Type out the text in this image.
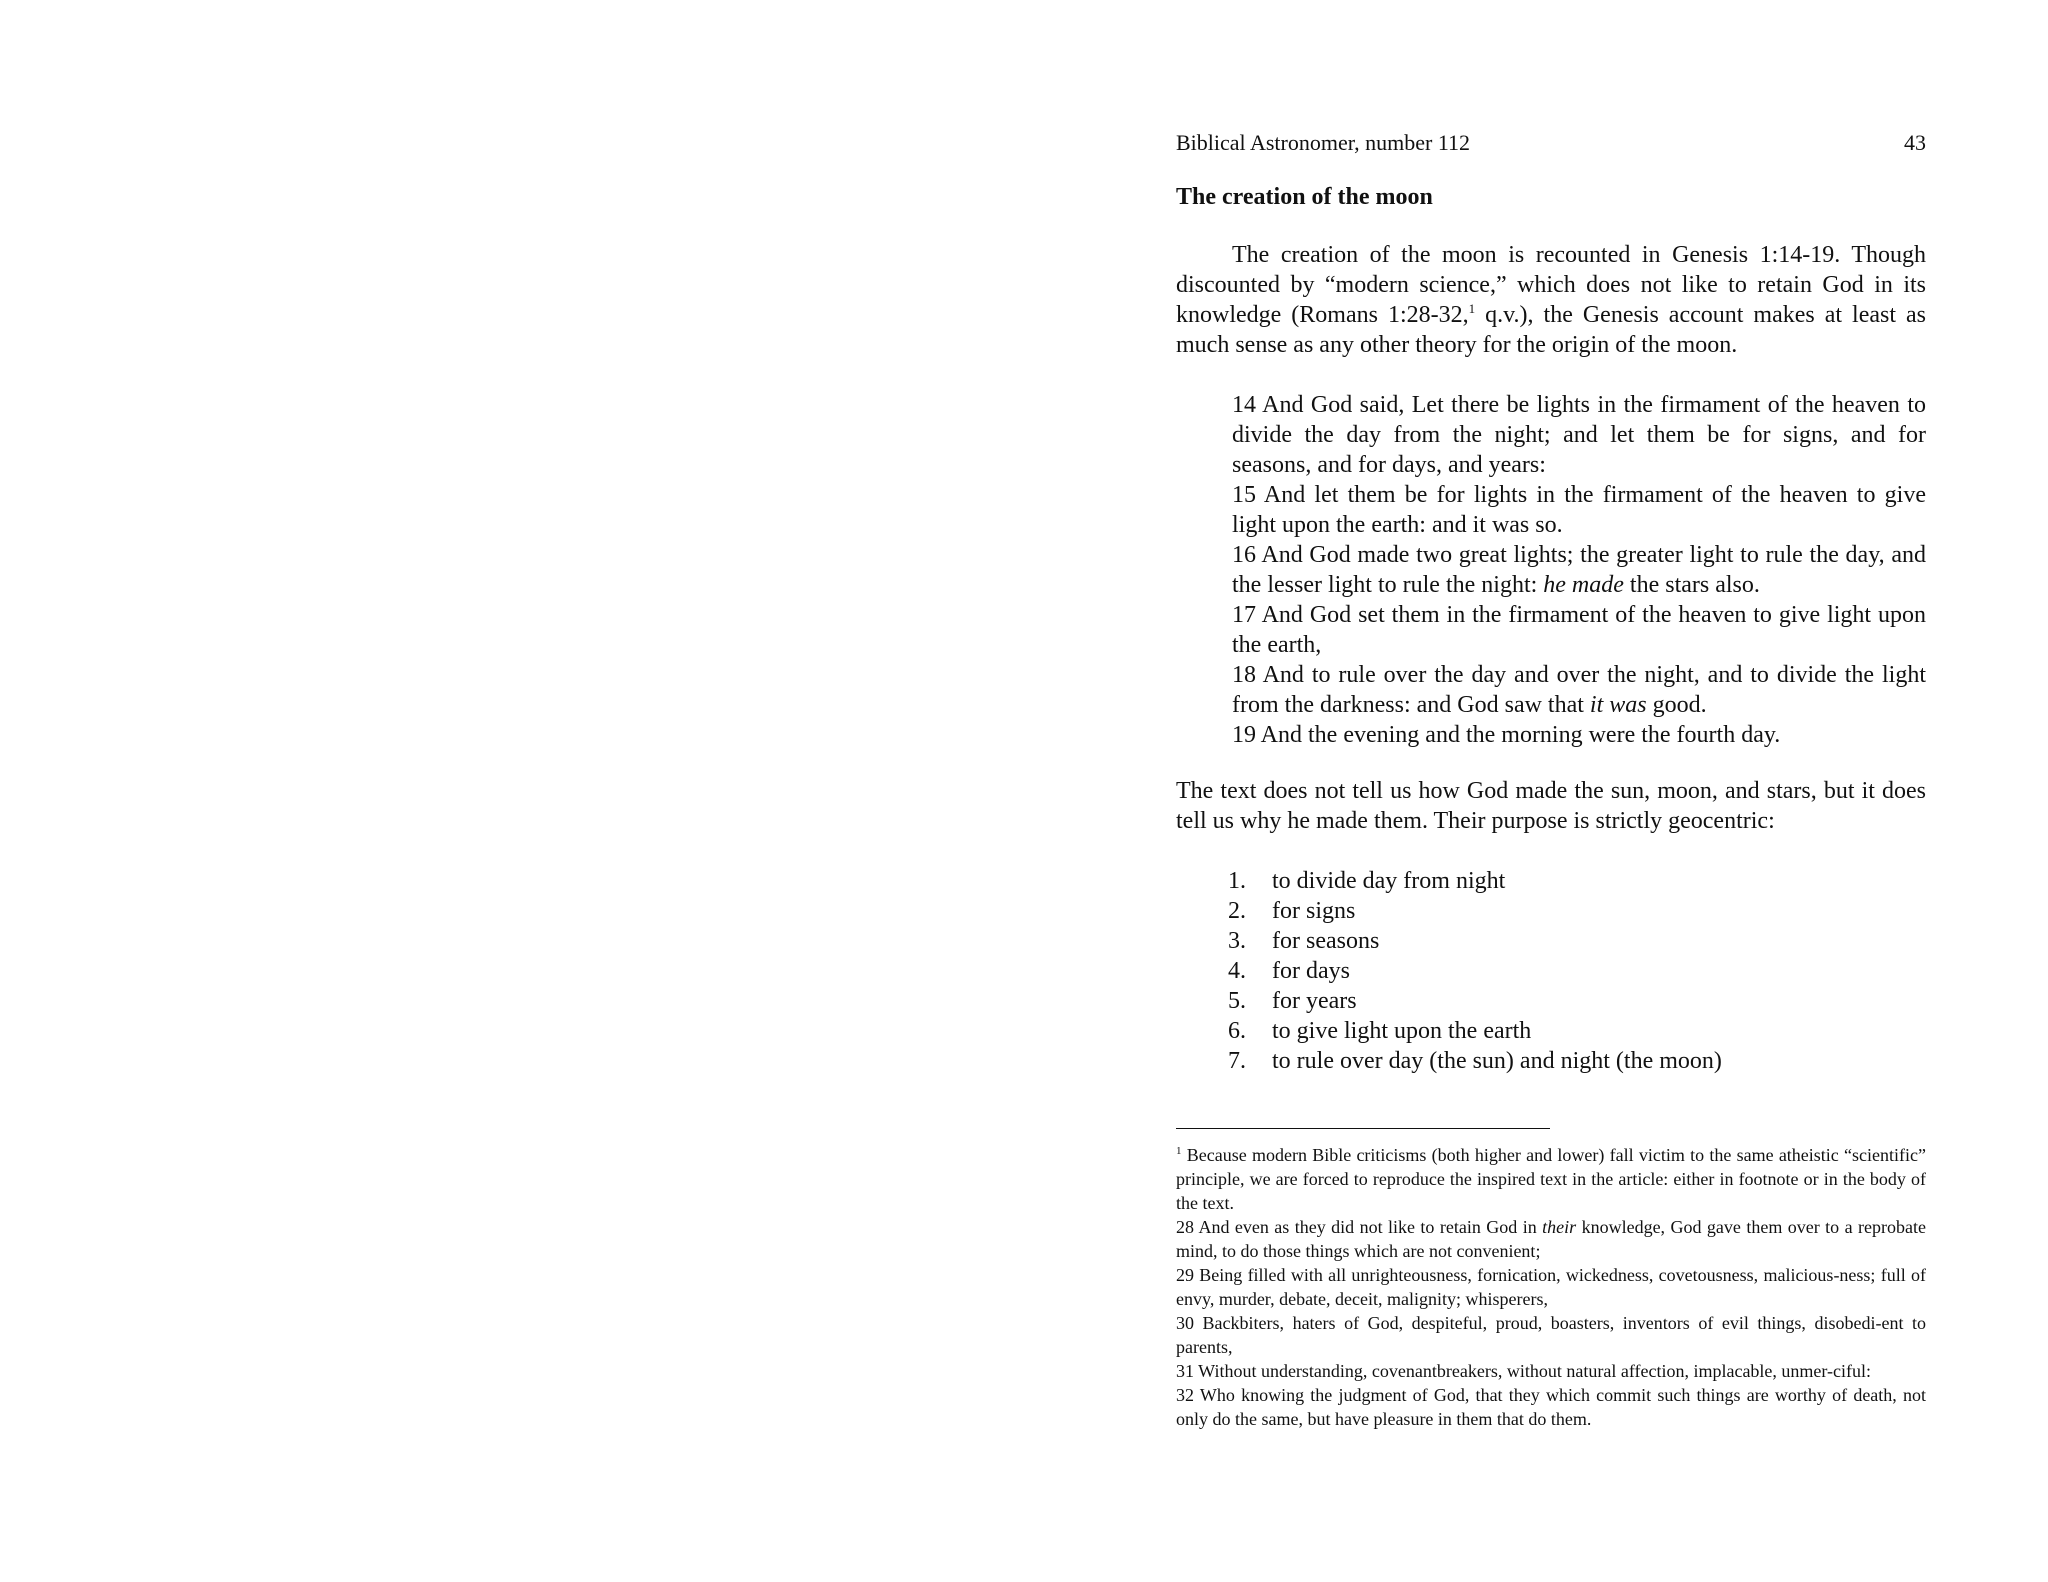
Biblical Astronomer, number 112	43
The creation of the moon

The creation of the moon is recounted in Genesis 1:14-19. Though discounted by “modern science,” which does not like to retain God in its knowledge (Romans 1:28-32,$^1$ q.v.), the Genesis account makes at least as much sense as any other theory for the origin of the moon.

14 And God said, Let there be lights in the firmament of the heaven to divide the day from the night; and let them be for signs, and for seasons, and for days, and years:

15 And let them be for lights in the firmament of the heaven to give light upon the earth: and it was so.

16 And God made two great lights; the greater light to rule the day, and the lesser light to rule the night: he made the stars also.

17 And God set them in the firmament of the heaven to give light upon the earth,

18 And to rule over the day and over the night, and to divide the light from the darkness: and God saw that it was good.

19 And the evening and the morning were the fourth day.

The text does not tell us how God made the sun, moon, and stars, but it does tell us why he made them. Their purpose is strictly geocentric:

1.	to divide day from night
2.	for signs
3.	for seasons
4.	for days
5.	for years
6.	to give light upon the earth
7.	to rule over day (the sun) and night (the moon)

$^1$ Because modern Bible criticisms (both higher and lower) fall victim to the same atheistic “scientific” principle, we are forced to reproduce the inspired text in the article: either in footnote or in the body of the text.

28 And even as they did not like to retain God in their knowledge, God gave them over to a reprobate mind, to do those things which are not convenient;

29 Being filled with all unrighteousness, fornication, wickedness, covetousness, malicious-ness; full of envy, murder, debate, deceit, malignity; whisperers,

30 Backbiters, haters of God, despiteful, proud, boasters, inventors of evil things, disobedi-ent to parents,

31 Without understanding, covenantbreakers, without natural affection, implacable, unmer-ciful:

32 Who knowing the judgment of God, that they which commit such things are worthy of death, not only do the same, but have pleasure in them that do them.
